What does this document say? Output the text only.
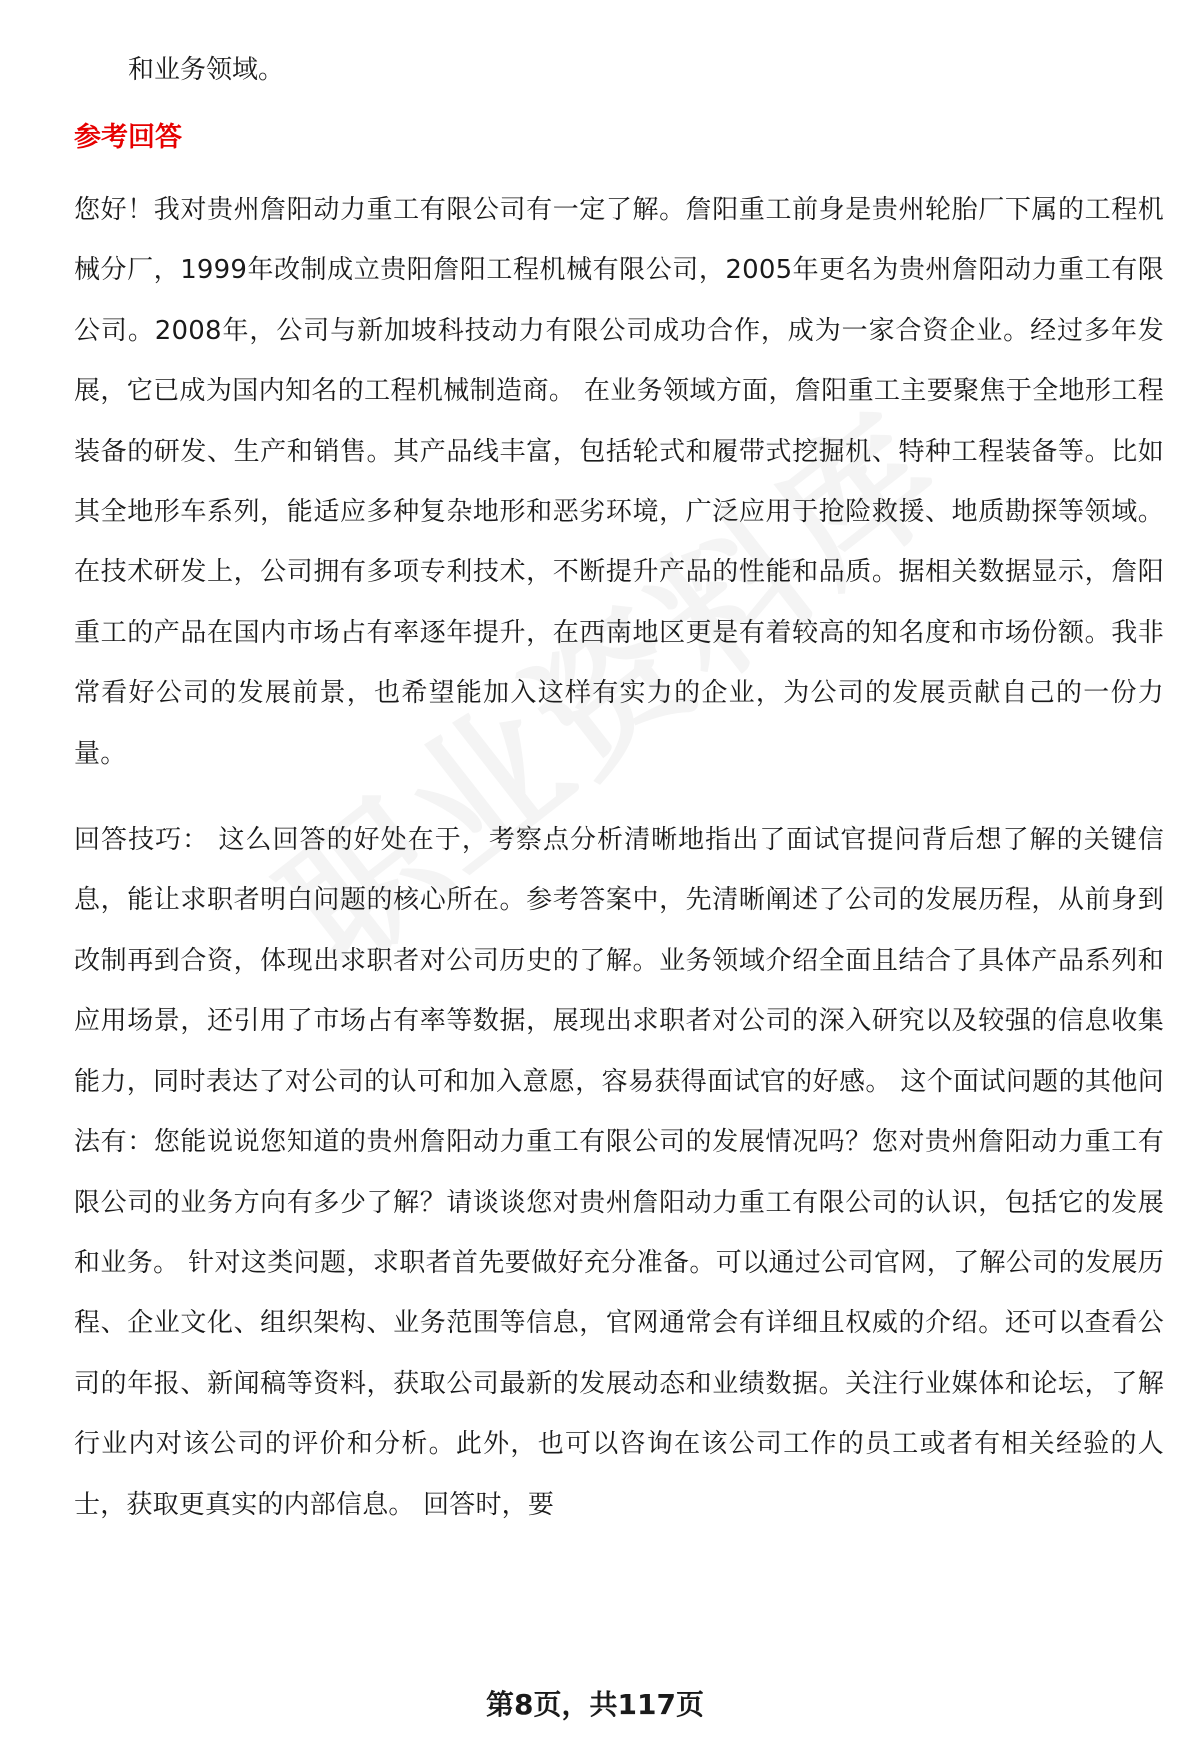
和业务领域。

参考回答

您好！我对贵州詹阳动力重工有限公司有一定了解。詹阳重工前身是贵州轮胎厂下属的工程机械分厂，1999年改制成立贵阳詹阳工程机械有限公司，2005年更名为贵州詹阳动力重工有限公司。2008年，公司与新加坡科技动力有限公司成功合作，成为一家合资企业。经过多年发展，它已成为国内知名的工程机械制造商。 在业务领域方面，詹阳重工主要聚焦于全地形工程装备的研发、生产和销售。其产品线丰富，包括轮式和履带式挖掘机、特种工程装备等。比如其全地形车系列，能适应多种复杂地形和恶劣环境，广泛应用于抢险救援、地质勘探等领域。在技术研发上，公司拥有多项专利技术，不断提升产品的性能和品质。据相关数据显示，詹阳重工的产品在国内市场占有率逐年提升，在西南地区更是有着较高的知名度和市场份额。我非常看好公司的发展前景，也希望能加入这样有实力的企业，为公司的发展贡献自己的一份力量。

回答技巧： 这么回答的好处在于，考察点分析清晰地指出了面试官提问背后想了解的关键信息，能让求职者明白问题的核心所在。参考答案中，先清晰阐述了公司的发展历程，从前身到改制再到合资，体现出求职者对公司历史的了解。业务领域介绍全面且结合了具体产品系列和应用场景，还引用了市场占有率等数据，展现出求职者对公司的深入研究以及较强的信息收集能力，同时表达了对公司的认可和加入意愿，容易获得面试官的好感。 这个面试问题的其他问法有：您能说说您知道的贵州詹阳动力重工有限公司的发展情况吗？您对贵州詹阳动力重工有限公司的业务方向有多少了解？请谈谈您对贵州詹阳动力重工有限公司的认识，包括它的发展和业务。 针对这类问题，求职者首先要做好充分准备。可以通过公司官网，了解公司的发展历程、企业文化、组织架构、业务范围等信息，官网通常会有详细且权威的介绍。还可以查看公司的年报、新闻稿等资料，获取公司最新的发展动态和业绩数据。关注行业媒体和论坛，了解行业内对该公司的评价和分析。此外，也可以咨询在该公司工作的员工或者有相关经验的人士，获取更真实的内部信息。 回答时，要

第8页，共117页
